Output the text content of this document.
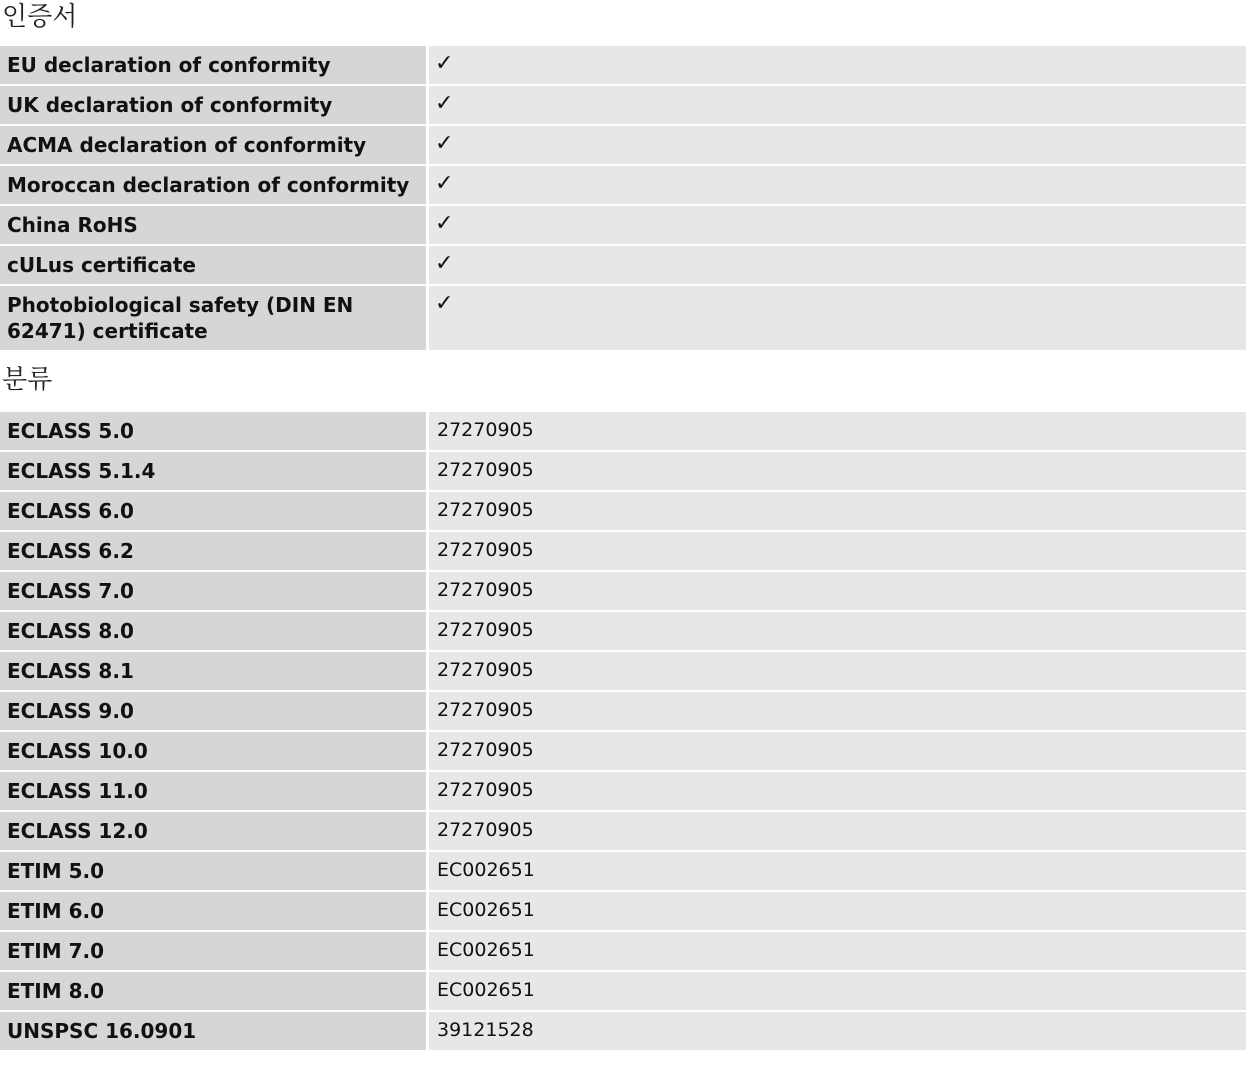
인증서
EU declaration of conformity	✓
UK declaration of conformity	✓
ACMA declaration of conformity	✓
Moroccan declaration of conformity	✓
China RoHS	✓
cULus certificate	✓
Photobiological safety (DIN EN 62471) certificate	✓
분류
ECLASS 5.0	27270905
ECLASS 5.1.4	27270905
ECLASS 6.0	27270905
ECLASS 6.2	27270905
ECLASS 7.0	27270905
ECLASS 8.0	27270905
ECLASS 8.1	27270905
ECLASS 9.0	27270905
ECLASS 10.0	27270905
ECLASS 11.0	27270905
ECLASS 12.0	27270905
ETIM 5.0	EC002651
ETIM 6.0	EC002651
ETIM 7.0	EC002651
ETIM 8.0	EC002651
UNSPSC 16.0901	39121528
